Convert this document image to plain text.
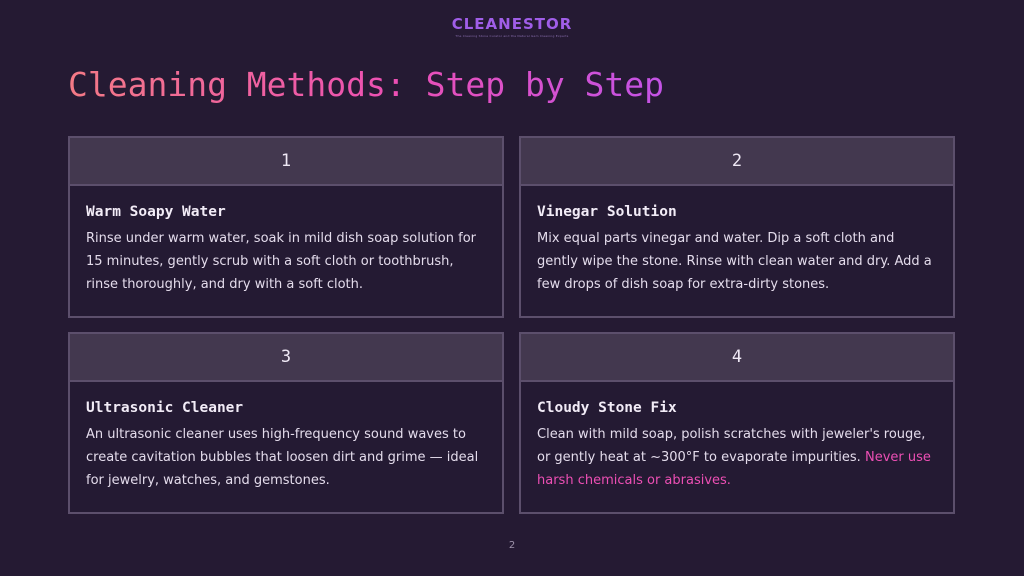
CLEANESTOR
The Cleaning Stone Curator and the Natural Gem Cleaning Experts
Cleaning Methods: Step by Step
1
Warm Soapy Water
Rinse under warm water, soak in mild dish soap solution for 15 minutes, gently scrub with a soft cloth or toothbrush, rinse thoroughly, and dry with a soft cloth.
2
Vinegar Solution
Mix equal parts vinegar and water. Dip a soft cloth and gently wipe the stone. Rinse with clean water and dry. Add a few drops of dish soap for extra-dirty stones.
3
Ultrasonic Cleaner
An ultrasonic cleaner uses high-frequency sound waves to create cavitation bubbles that loosen dirt and grime — ideal for jewelry, watches, and gemstones.
4
Cloudy Stone Fix
Clean with mild soap, polish scratches with jeweler's rouge, or gently heat at ~300°F to evaporate impurities. Never use harsh chemicals or abrasives.
2
